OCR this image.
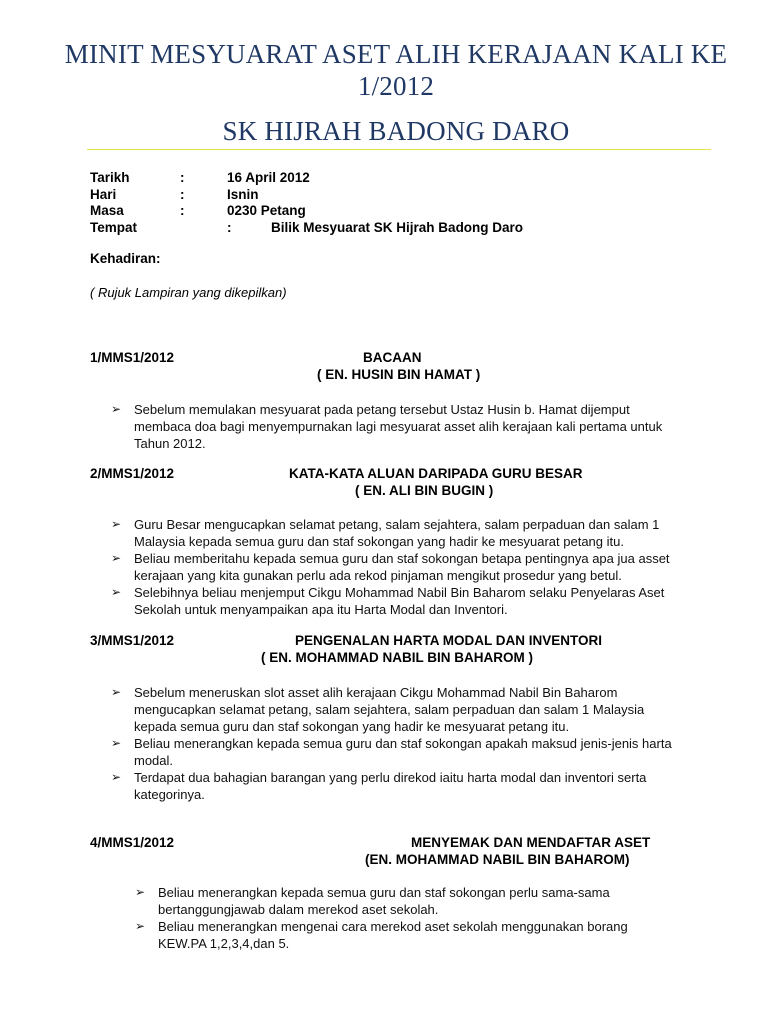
MINIT MESYUARAT ASET ALIH KERAJAAN KALI KE
1/2012
SK HIJRAH BADONG DARO
Tarikh	:	16 April 2012
Hari	:	Isnin
Masa	:	0230 Petang
Tempat	:	Bilik Mesyuarat SK Hijrah Badong Daro
Kehadiran:
( Rujuk Lampiran yang dikepilkan)
1/MMS1/2012	BACAAN
( EN. HUSIN BIN HAMAT )
➢ Sebelum memulakan mesyuarat pada petang tersebut Ustaz Husin b. Hamat dijemput
membaca doa bagi menyempurnakan lagi mesyuarat asset alih kerajaan kali pertama untuk
Tahun 2012.
2/MMS1/2012	KATA-KATA ALUAN DARIPADA GURU BESAR
( EN. ALI BIN BUGIN )
➢ Guru Besar mengucapkan selamat petang, salam sejahtera, salam perpaduan dan salam 1
Malaysia kepada semua guru dan staf sokongan yang hadir ke mesyuarat petang itu.
➢ Beliau memberitahu kepada semua guru dan staf sokongan betapa pentingnya apa jua asset
kerajaan yang kita gunakan perlu ada rekod pinjaman mengikut prosedur yang betul.
➢ Selebihnya beliau menjemput Cikgu Mohammad Nabil Bin Baharom selaku Penyelaras Aset
Sekolah untuk menyampaikan apa itu Harta Modal dan Inventori.
3/MMS1/2012	PENGENALAN HARTA MODAL DAN INVENTORI
( EN. MOHAMMAD NABIL BIN BAHAROM )
➢ Sebelum meneruskan slot asset alih kerajaan Cikgu Mohammad Nabil Bin Baharom
mengucapkan selamat petang, salam sejahtera, salam perpaduan dan salam 1 Malaysia
kepada semua guru dan staf sokongan yang hadir ke mesyuarat petang itu.
➢ Beliau menerangkan kepada semua guru dan staf sokongan apakah maksud jenis-jenis harta
modal.
➢ Terdapat dua bahagian barangan yang perlu direkod iaitu harta modal dan inventori serta
kategorinya.
4/MMS1/2012	MENYEMAK DAN MENDAFTAR ASET
(EN. MOHAMMAD NABIL BIN BAHAROM)
➢ Beliau menerangkan kepada semua guru dan staf sokongan perlu sama-sama
bertanggungjawab dalam merekod aset sekolah.
➢ Beliau menerangkan mengenai cara merekod aset sekolah menggunakan borang
KEW.PA 1,2,3,4,dan 5.
